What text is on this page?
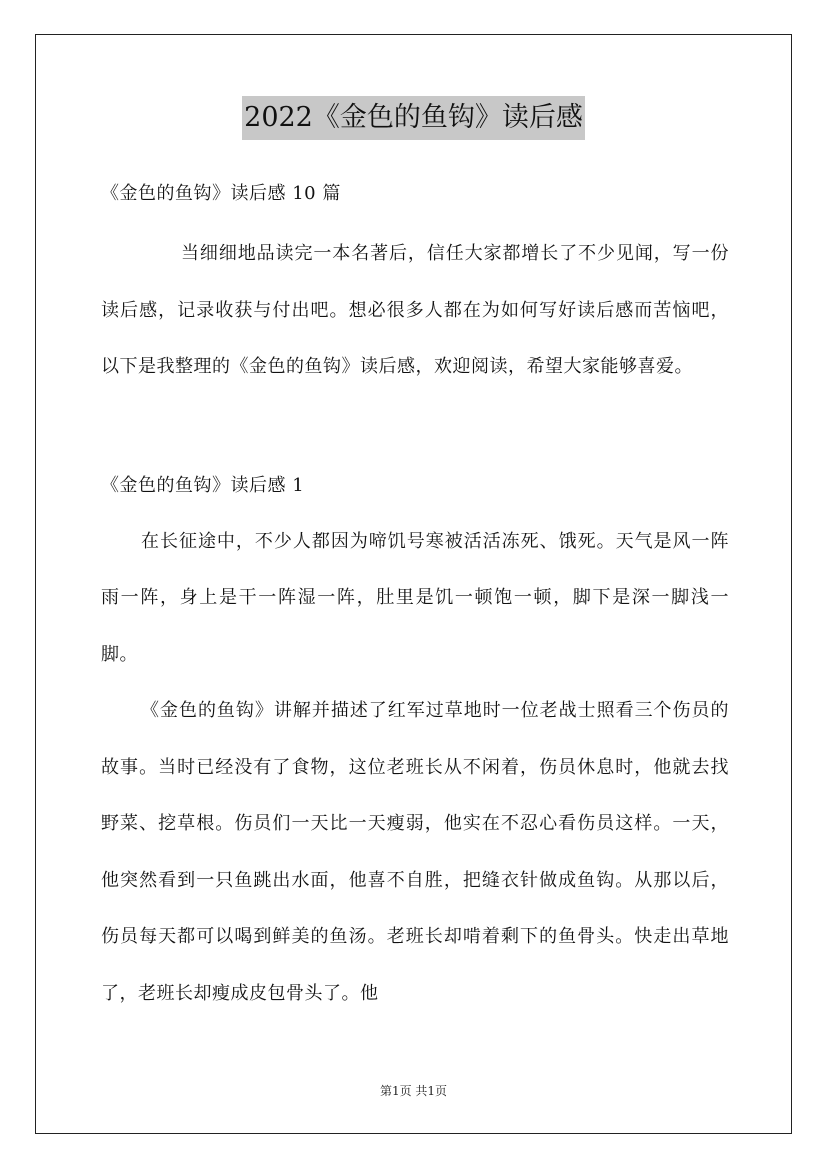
2022《金色的鱼钩》读后感

《金色的鱼钩》读后感 10 篇

当细细地品读完一本名著后，信任大家都增长了不少见闻，写一份读后感，记录收获与付出吧。想必很多人都在为如何写好读后感而苦恼吧，以下是我整理的《金色的鱼钩》读后感，欢迎阅读，希望大家能够喜爱。

《金色的鱼钩》读后感 1

在长征途中，不少人都因为啼饥号寒被活活冻死、饿死。天气是风一阵雨一阵，身上是干一阵湿一阵，肚里是饥一顿饱一顿，脚下是深一脚浅一脚。

《金色的鱼钩》讲解并描述了红军过草地时一位老战士照看三个伤员的故事。当时已经没有了食物，这位老班长从不闲着，伤员休息时，他就去找野菜、挖草根。伤员们一天比一天瘦弱，他实在不忍心看伤员这样。一天，他突然看到一只鱼跳出水面，他喜不自胜，把缝衣针做成鱼钩。从那以后，伤员每天都可以喝到鲜美的鱼汤。老班长却啃着剩下的鱼骨头。快走出草地了，老班长却瘦成皮包骨头了。他

第1页 共1页
